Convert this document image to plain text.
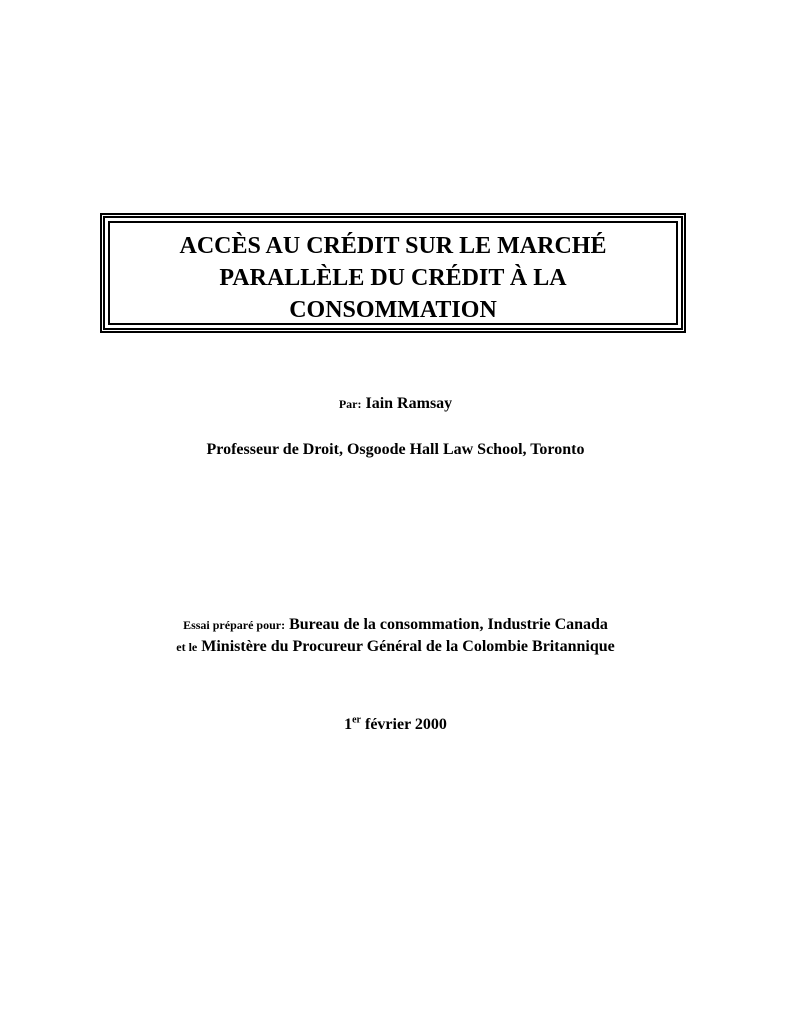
ACCÈS AU CRÉDIT SUR LE MARCHÉ
PARALLÈLE DU CRÉDIT À LA
CONSOMMATION
Par: Iain Ramsay
Professeur de Droit, Osgoode Hall Law School, Toronto
Essai préparé pour: Bureau de la consommation, Industrie Canada
et le Ministère du Procureur Général de la Colombie Britannique
1er février 2000
